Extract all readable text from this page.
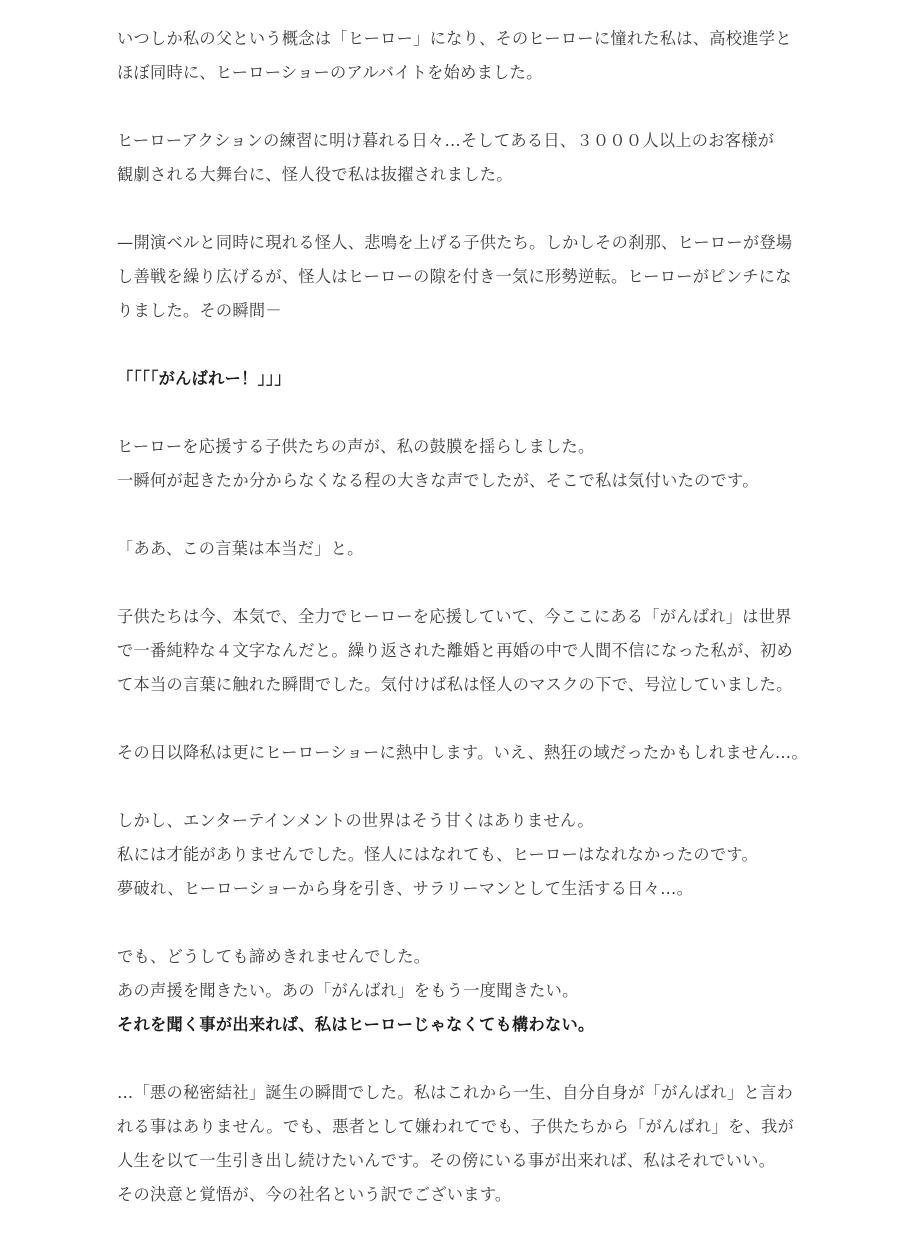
いつしか私の父という概念は「ヒーロー」になり、そのヒーローに憧れた私は、高校進学と
ほぼ同時に、ヒーローショーのアルバイトを始めました。
ヒーローアクションの練習に明け暮れる日々…そしてある日、３０００人以上のお客様が
観劇される大舞台に、怪人役で私は抜擢されました。
—開演ベルと同時に現れる怪人、悲鳴を上げる子供たち。しかしその刹那、ヒーローが登場
し善戦を繰り広げるが、怪人はヒーローの隙を付き一気に形勢逆転。ヒーローがピンチにな
りました。その瞬間－
「「「「がんばれー！」」」
ヒーローを応援する子供たちの声が、私の鼓膜を揺らしました。
一瞬何が起きたか分からなくなる程の大きな声でしたが、そこで私は気付いたのです。
「ああ、この言葉は本当だ」と。
子供たちは今、本気で、全力でヒーローを応援していて、今ここにある「がんばれ」は世界
で一番純粋な４文字なんだと。繰り返された離婚と再婚の中で人間不信になった私が、初め
て本当の言葉に触れた瞬間でした。気付けば私は怪人のマスクの下で、号泣していました。
その日以降私は更にヒーローショーに熱中します。いえ、熱狂の域だったかもしれません…。
しかし、エンターテインメントの世界はそう甘くはありません。
私には才能がありませんでした。怪人にはなれても、ヒーローはなれなかったのです。
夢破れ、ヒーローショーから身を引き、サラリーマンとして生活する日々…。
でも、どうしても諦めきれませんでした。
あの声援を聞きたい。あの「がんばれ」をもう一度聞きたい。
それを聞く事が出来れば、私はヒーローじゃなくても構わない。
…「悪の秘密結社」誕生の瞬間でした。私はこれから一生、自分自身が「がんばれ」と言わ
れる事はありません。でも、悪者として嫌われてでも、子供たちから「がんばれ」を、我が
人生を以て一生引き出し続けたいんです。その傍にいる事が出来れば、私はそれでいい。
その決意と覚悟が、今の社名という訳でございます。
